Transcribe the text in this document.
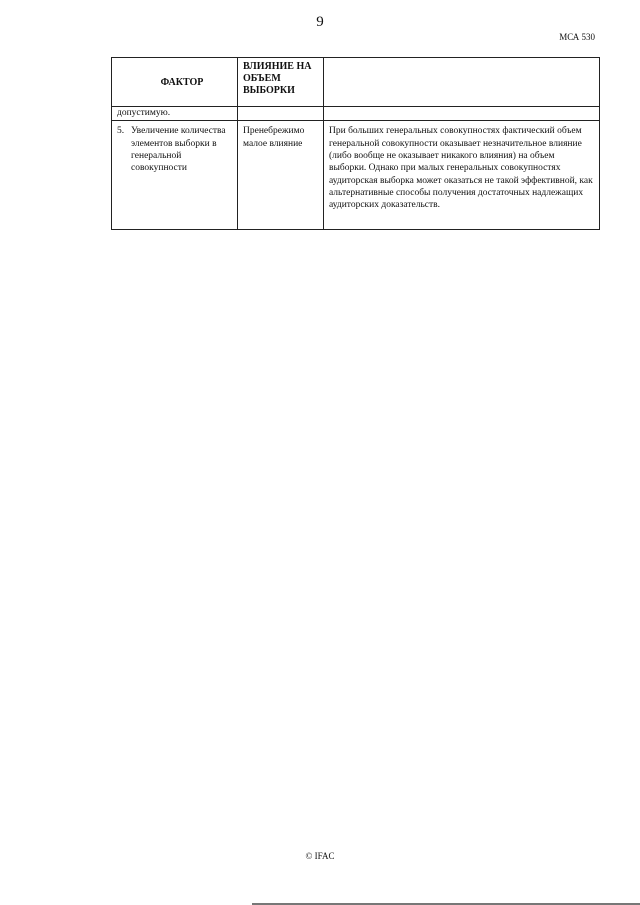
9
МСА 530
ФАКТОР	ВЛИЯНИЕ НА ОБЪЕМ ВЫБОРКИ	
допустимую.		

5. Увеличение количества элементов выборки в генеральной совокупности	Пренебрежимо малое влияние	При больших генеральных совокупностях фактический объем генеральной совокупности оказывает незначительное влияние (либо вообще не оказывает никакого влияния) на объем выборки. Однако при малых генеральных совокупностях аудиторская выборка может оказаться не такой эффективной, как альтернативные способы получения достаточных надлежащих аудиторских доказательств.
© IFAC
